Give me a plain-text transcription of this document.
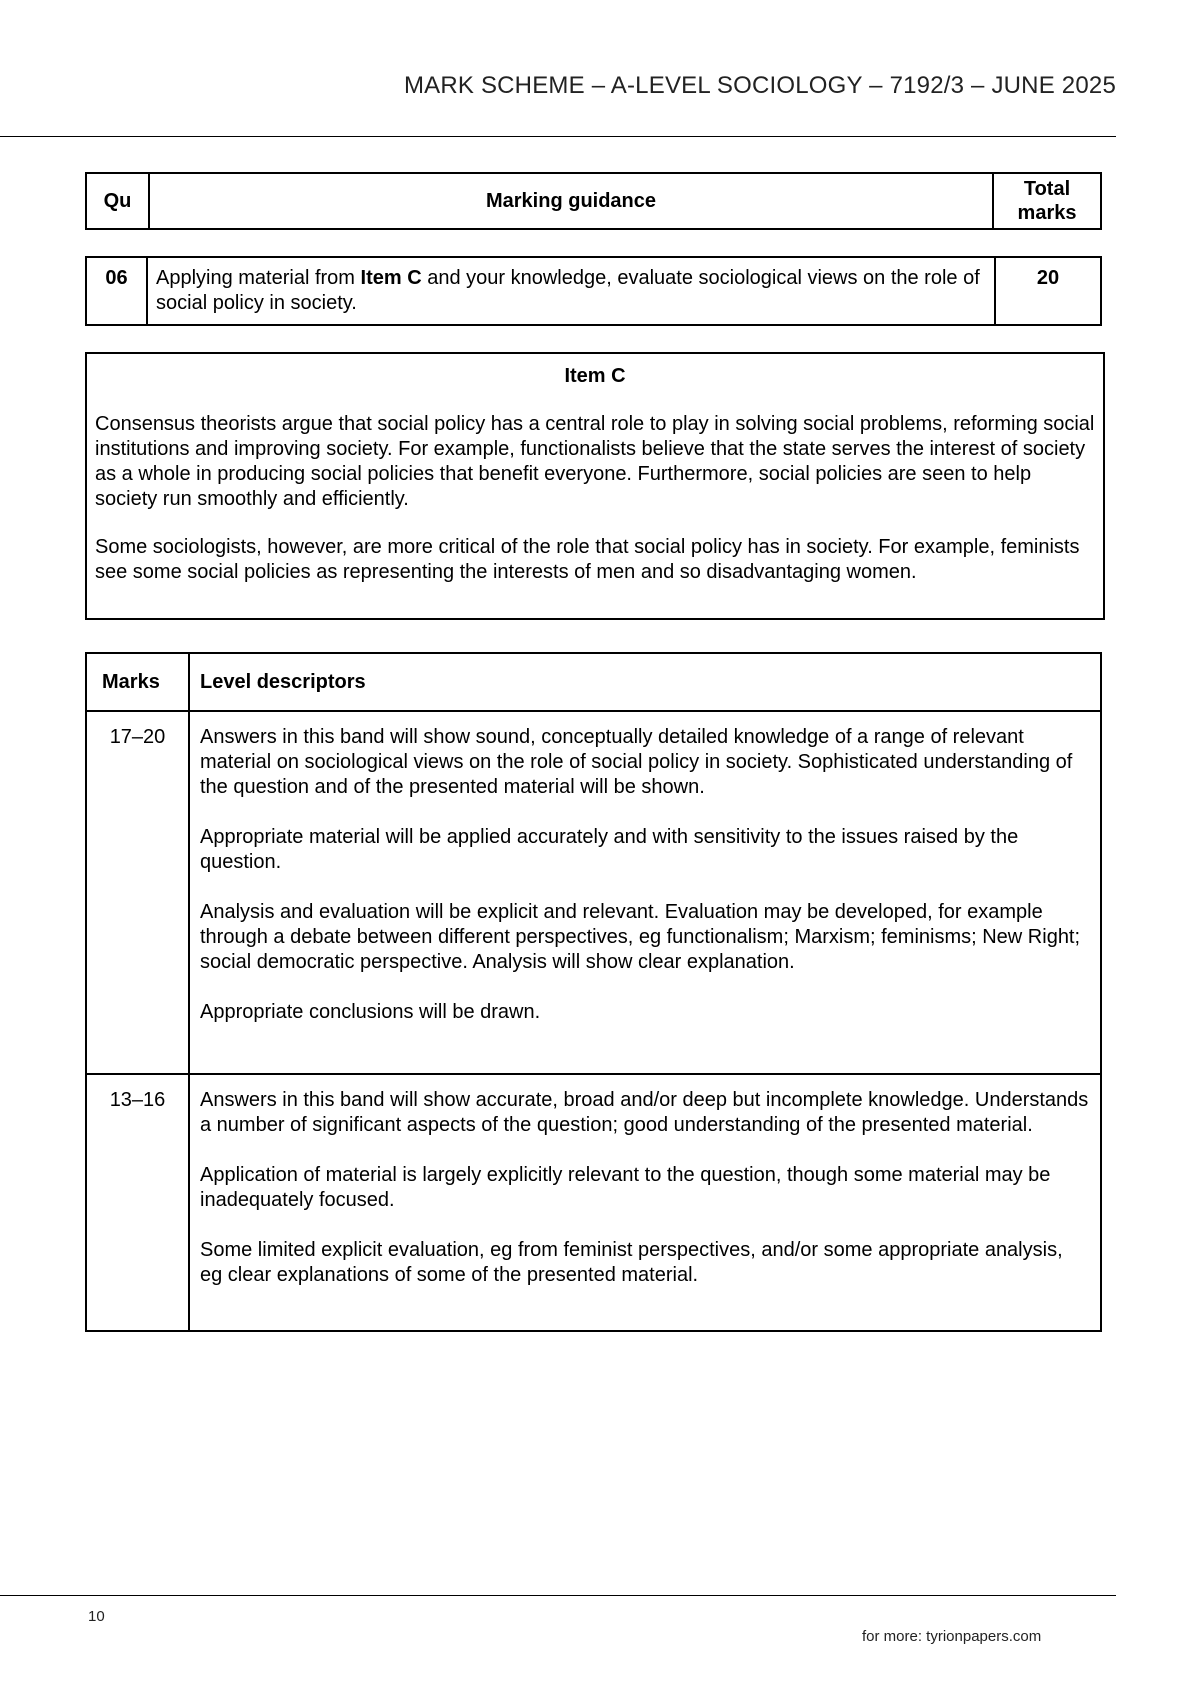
MARK SCHEME – A-LEVEL SOCIOLOGY – 7192/3 – JUNE 2025
Qu	Marking guidance	Total
marks
06	Applying material from Item C and your knowledge, evaluate sociological views on the role of social policy in society.	20
Item C

Consensus theorists argue that social policy has a central role to play in solving social problems, reforming social institutions and improving society. For example, functionalists believe that the state serves the interest of society as a whole in producing social policies that benefit everyone. Furthermore, social policies are seen to help society run smoothly and efficiently.

Some sociologists, however, are more critical of the role that social policy has in society. For example, feminists see some social policies as representing the interests of men and so disadvantaging women.

Marks	Level descriptors
17–20	Answers in this band will show sound, conceptually detailed knowledge of a range of relevant material on sociological views on the role of social policy in society. Sophisticated understanding of the question and of the presented material will be shown.

Appropriate material will be applied accurately and with sensitivity to the issues raised by the question.

Analysis and evaluation will be explicit and relevant. Evaluation may be developed, for example through a debate between different perspectives, eg functionalism; Marxism; feminisms; New Right; social democratic perspective. Analysis will show clear explanation.

Appropriate conclusions will be drawn.

13–16	Answers in this band will show accurate, broad and/or deep but incomplete knowledge. Understands a number of significant aspects of the question; good understanding of the presented material.

Application of material is largely explicitly relevant to the question, though some material may be inadequately focused.

Some limited explicit evaluation, eg from feminist perspectives, and/or some appropriate analysis, eg clear explanations of some of the presented material.

10
for more: tyrionpapers.com
